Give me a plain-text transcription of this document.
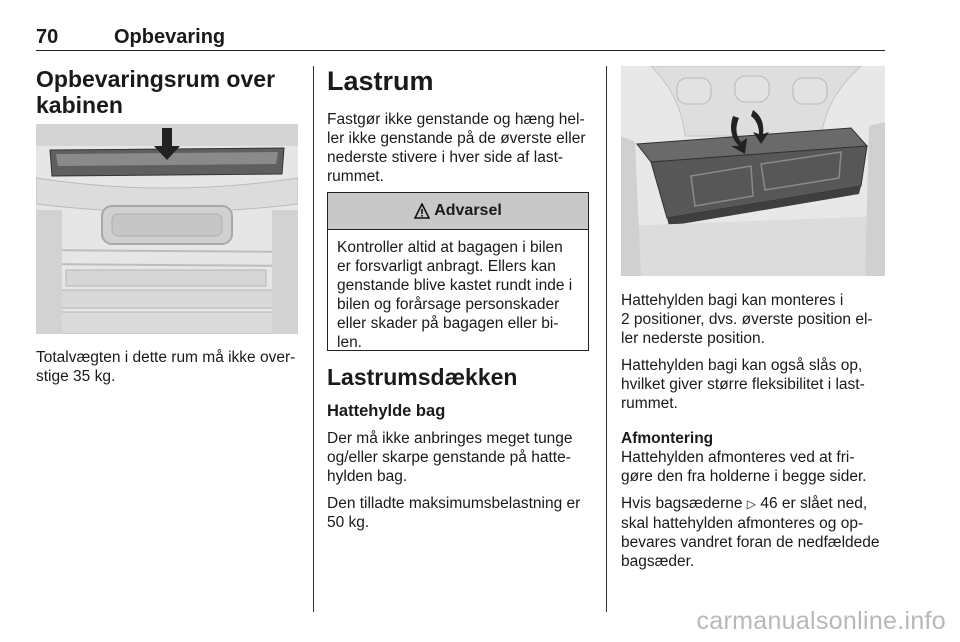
70	Opbevaring
Opbevaringsrum over
kabinen
Totalvægten i dette rum må ikke over-
stige 35 kg.
Lastrum
Fastgør ikke genstande og hæng hel-
ler ikke genstande på de øverste eller
nederste stivere i hver side af last-
rummet.
Advarsel
Kontroller altid at bagagen i bilen
er forsvarligt anbragt. Ellers kan
genstande blive kastet rundt inde i
bilen og forårsage personskader
eller skader på bagagen eller bi-
len.
Lastrumsdækken
Hattehylde bag

Der må ikke anbringes meget tunge
og/eller skarpe genstande på hatte-
hylden bag.

Den tilladte maksimumsbelastning er
50 kg.

Hattehylden bagi kan monteres i
2 positioner, dvs. øverste position el-
ler nederste position.

Hattehylden bagi kan også slås op,
hvilket giver større fleksibilitet i last-
rummet.

Afmontering

Hattehylden afmonteres ved at fri-
gøre den fra holderne i begge sider.

Hvis bagsæderne ▷ 46 er slået ned,
skal hattehylden afmonteres og op-
bevares vandret foran de nedfældede
bagsæder.

carmanualsonline.info
